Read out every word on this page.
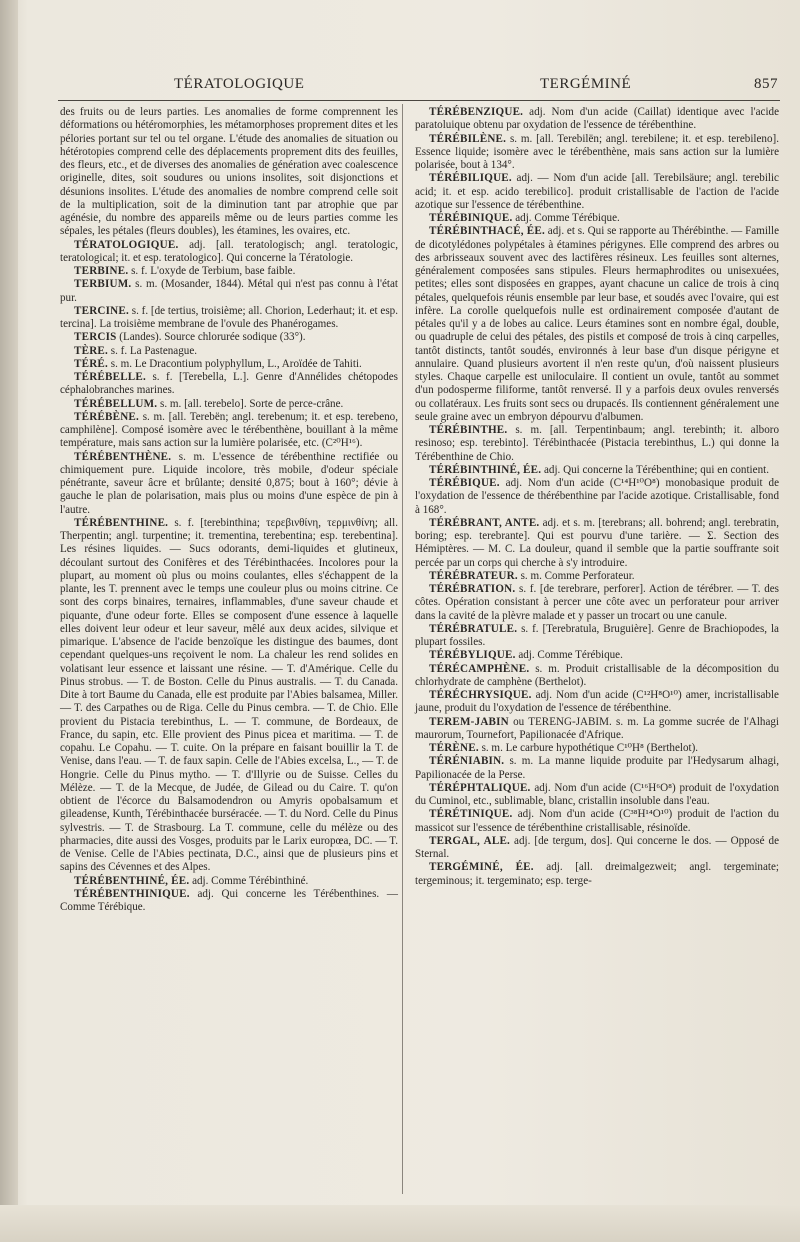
TÉRATOLOGIQUE	TERGÉMINÉ	857

des fruits ou de leurs parties. Les anomalies de forme comprennent les déformations ou hétéromorphies, les métamorphoses proprement dites et les pélories portant sur tel ou tel organe. L'étude des anomalies de situation ou hétérotopies comprend celle des déplacements proprement dits des feuilles, des fleurs, etc., et de diverses des anomalies de génération avec coalescence originelle, dites, soit soudures ou unions insolites, soit disjonctions et désunions insolites. L'étude des anomalies de nombre comprend celle soit de la multiplication, soit de la diminution tant par atrophie que par agénésie, du nombre des appareils même ou de leurs parties comme les sépales, les pétales (fleurs doubles), les étamines, les ovaires, etc.

TÉRATOLOGIQUE. adj. [all. teratologisch; angl. teratologic, teratological; it. et esp. teratologico]. Qui concerne la Tératologie.

TERBINE. s. f. L'oxyde de Terbium, base faible.

TERBIUM. s. m. (Mosander, 1844). Métal qui n'est pas connu à l'état pur.

TERCINE. s. f. [de tertius, troisième; all. Chorion, Lederhaut; it. et esp. tercina]. La troisième membrane de l'ovule des Phanérogames.

TERCIS (Landes). Source chlorurée sodique (33°).

TÈRE. s. f. La Pastenague.

TÉRÉ. s. m. Le Dracontium polyphyllum, L., Aroïdée de Tahiti.

TÉRÉBELLE. s. f. [Terebella, L.]. Genre d'Annélides chétopodes céphalobranches marines.

TÉRÉBELLUM. s. m. [all. terebelo]. Sorte de perce-crâne.

TÉRÉBÈNE. s. m. [all. Terebën; angl. terebenum; it. et esp. terebeno, camphilène]. Composé isomère avec le térébenthène, bouillant à la même température, mais sans action sur la lumière polarisée, etc. (C²⁰H¹⁶).

TÉRÉBENTHÈNE. s. m. L'essence de térébenthine rectifiée ou chimiquement pure. Liquide incolore, très mobile, d'odeur spéciale pénétrante, saveur âcre et brûlante; densité 0,875; bout à 160°; dévie à gauche le plan de polarisation, mais plus ou moins d'une espèce de pin à l'autre.

TÉRÉBENTHINE. s. f. [terebinthina; τερεβινθίνη, τερμινθίνη; all. Therpentin; angl. turpentine; it. trementina, terebentina; esp. terebentina]. Les résines liquides. — Sucs odorants, demi-liquides et glutineux, découlant surtout des Conifères et des Térébinthacées. Incolores pour la plupart, au moment où plus ou moins coulantes, elles s'échappent de la plante, les T. prennent avec le temps une couleur plus ou moins citrine. Ce sont des corps binaires, ternaires, inflammables, d'une saveur chaude et piquante, d'une odeur forte. Elles se composent d'une essence à laquelle elles doivent leur odeur et leur saveur, mêlé aux deux acides, silvique et pimarique. L'absence de l'acide benzoïque les distingue des baumes, dont cependant quelques-uns reçoivent le nom. La chaleur les rend solides en volatisant leur essence et laissant une résine. — T. d'Amérique. Celle du Pinus strobus. — T. de Boston. Celle du Pinus australis. — T. du Canada. Dite à tort Baume du Canada, elle est produite par l'Abies balsamea, Miller. — T. des Carpathes ou de Riga. Celle du Pinus cembra. — T. de Chio. Elle provient du Pistacia terebinthus, L. — T. commune, de Bordeaux, de France, du sapin, etc. Elle provient des Pinus picea et maritima. — T. de copahu. Le Copahu. — T. cuite. On la prépare en faisant bouillir la T. de Venise, dans l'eau. — T. de faux sapin. Celle de l'Abies excelsa, L., — T. de Hongrie. Celle du Pinus mytho. — T. d'Illyrie ou de Suisse. Celles du Mélèze. — T. de la Mecque, de Judée, de Gilead ou du Caire. T. qu'on obtient de l'écorce du Balsamodendron ou Amyris opobalsamum et gileadense, Kunth, Térébinthacée burséracée. — T. du Nord. Celle du Pinus sylvestris. — T. de Strasbourg. La T. commune, celle du mélèze ou des pharmacies, dite aussi des Vosges, produits par le Larix europœa, DC. — T. de Venise. Celle de l'Abies pectinata, D.C., ainsi que de plusieurs pins et sapins des Cévennes et des Alpes.

TÉRÉBENTHINÉ, ÉE. adj. Comme Térébinthiné.

TÉRÉBENTHINIQUE. adj. Qui concerne les Térébenthines. — Comme Térébique.

TÉRÉBENZIQUE. adj. Nom d'un acide (Caillat) identique avec l'acide paratoluique obtenu par oxydation de l'essence de térébenthine.

TÉRÉBILÈNE. s. m. [all. Terebilën; angl. terebilene; it. et esp. terebileno]. Essence liquide; isomère avec le térébenthène, mais sans action sur la lumière polarisée, bout à 134°.

TÉRÉBILIQUE. adj. — Nom d'un acide [all. Terebilsäure; angl. terebilic acid; it. et esp. acido terebilico]. produit cristallisable de l'action de l'acide azotique sur l'essence de térébenthine.

TÉRÉBINIQUE. adj. Comme Térébique.

TÉRÉBINTHACÉ, ÉE. adj. et s. Qui se rapporte au Thérébinthe. — Famille de dicotylédones polypétales à étamines périgynes. Elle comprend des arbres ou des arbrisseaux souvent avec des lactifères résineux. Les feuilles sont alternes, généralement composées sans stipules. Fleurs hermaphrodites ou unisexuées, petites; elles sont disposées en grappes, ayant chacune un calice de trois à cinq pétales, quelquefois réunis ensemble par leur base, et soudés avec l'ovaire, qui est infère. La corolle quelquefois nulle est ordinairement composée d'autant de pétales qu'il y a de lobes au calice. Leurs étamines sont en nombre égal, double, ou quadruple de celui des pétales, des pistils et composé de trois à cinq carpelles, tantôt distincts, tantôt soudés, environnés à leur base d'un disque périgyne et annulaire. Quand plusieurs avortent il n'en reste qu'un, d'où naissent plusieurs styles. Chaque carpelle est uniloculaire. Il contient un ovule, tantôt au sommet d'un podosperme filiforme, tantôt renversé. Il y a parfois deux ovules renversés ou collatéraux. Les fruits sont secs ou drupacés. Ils contiennent généralement une seule graine avec un embryon dépourvu d'albumen.

TÉRÉBINTHE. s. m. [all. Terpentinbaum; angl. terebinth; it. alboro resinoso; esp. terebinto]. Térébinthacée (Pistacia terebinthus, L.) qui donne la Térébenthine de Chio.

TÉRÉBINTHINÉ, ÉE. adj. Qui concerne la Térébenthine; qui en contient.

TÉRÉBIQUE. adj. Nom d'un acide (C¹⁴H¹⁰O⁸) monobasique produit de l'oxydation de l'essence de thérébenthine par l'acide azotique. Cristallisable, fond à 168°.

TÉRÉBRANT, ANTE. adj. et s. m. [terebrans; all. bohrend; angl. terebratin, boring; esp. terebrante]. Qui est pourvu d'une tarière. — Σ. Section des Hémiptères. — M. C. La douleur, quand il semble que la partie souffrante soit percée par un corps qui cherche à s'y introduire.

TÉRÉBRATEUR. s. m. Comme Perforateur.

TÉRÉBRATION. s. f. [de terebrare, perforer]. Action de térébrer. — T. des côtes. Opération consistant à percer une côte avec un perforateur pour arriver dans la cavité de la plèvre malade et y passer un trocart ou une canule.

TÉRÉBRATULE. s. f. [Terebratula, Bruguière]. Genre de Brachiopodes, la plupart fossiles.

TÉRÉBYLIQUE. adj. Comme Térébique.

TÉRÉCAMPHÈNE. s. m. Produit cristallisable de la décomposition du chlorhydrate de camphène (Berthelot).

TÉRÉCHRYSIQUE. adj. Nom d'un acide (C¹²H⁸O¹⁰) amer, incristallisable jaune, produit du l'oxydation de l'essence de térébenthine.

TEREM-JABIN ou TERENG-JABIM. s. m. La gomme sucrée de l'Alhagi maurorum, Tournefort, Papilionacée d'Afrique.

TÉRÈNE. s. m. Le carbure hypothétique C¹⁰H⁸ (Berthelot).

TÉRÉNIABIN. s. m. La manne liquide produite par l'Hedysarum alhagi, Papilionacée de la Perse.

TÉRÉPHTALIQUE. adj. Nom d'un acide (C¹⁶H⁶O⁸) produit de l'oxydation du Cuminol, etc., sublimable, blanc, cristallin insoluble dans l'eau.

TÉRÉTINIQUE. adj. Nom d'un acide (C³⁸H¹⁴O¹⁰) produit de l'action du massicot sur l'essence de térébenthine cristallisable, résinoïde.

TERGAL, ALE. adj. [de tergum, dos]. Qui concerne le dos. — Opposé de Sternal.

TERGÉMINÉ, ÉE. adj. [all. dreimalgezweit; angl. tergeminate; tergeminous; it. tergeminato; esp. terge-
